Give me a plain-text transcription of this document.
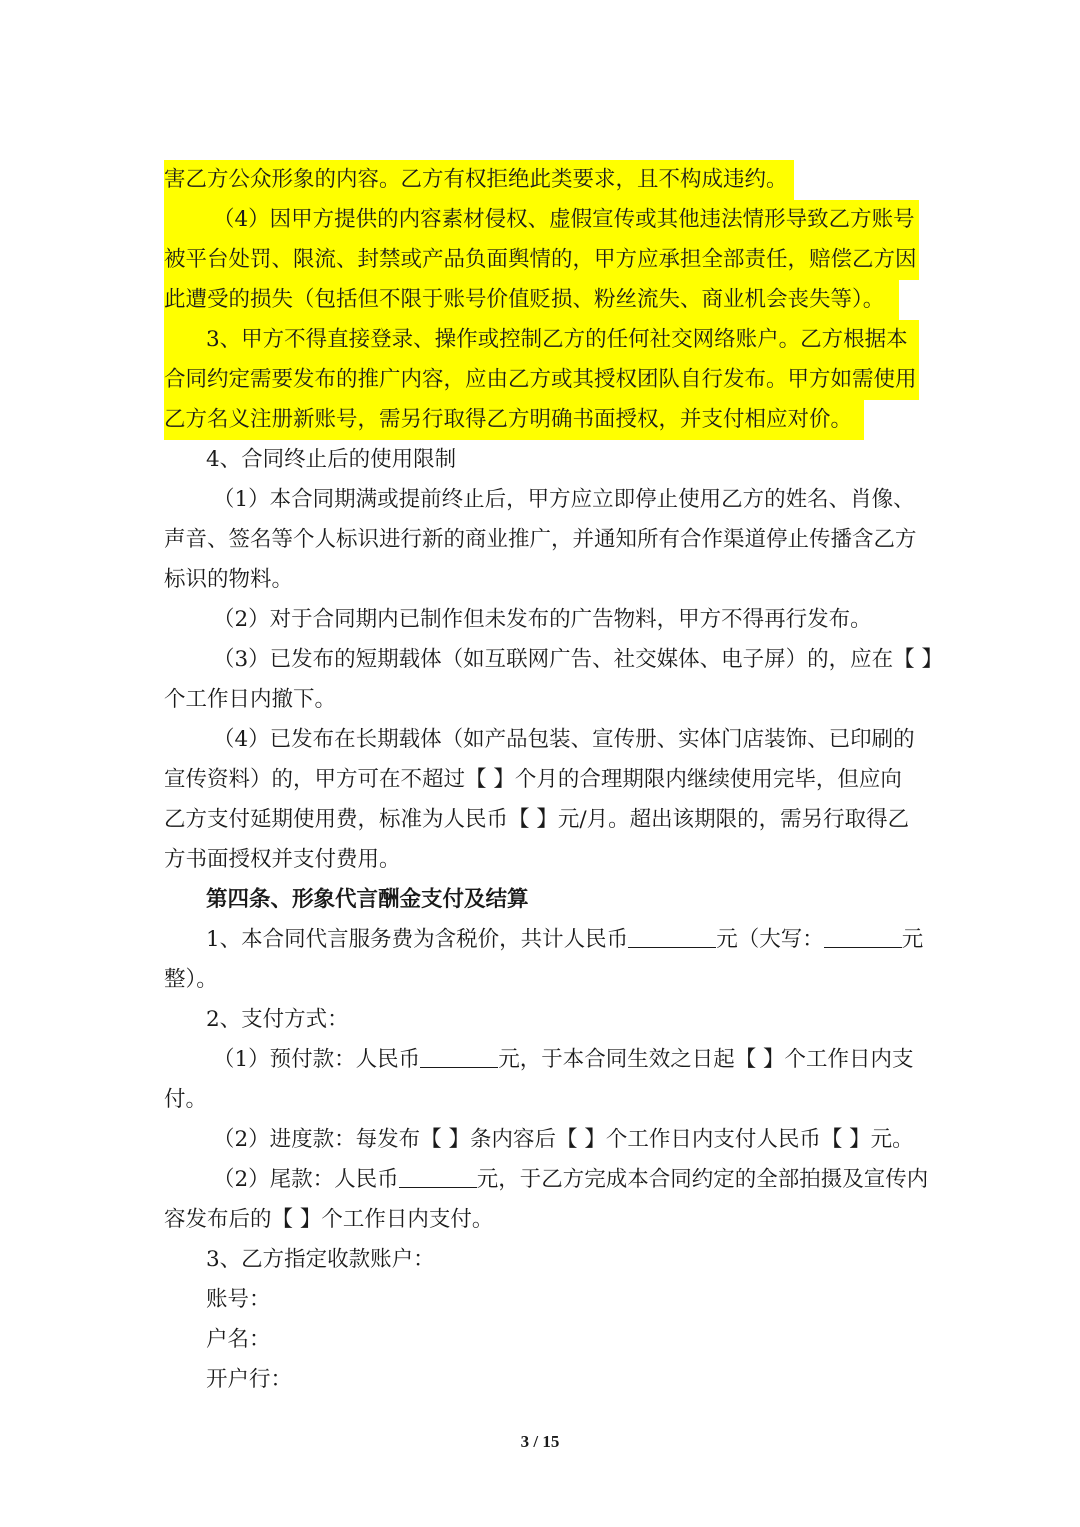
害乙方公众形象的内容。乙方有权拒绝此类要求，且不构成违约。
（4）因甲方提供的内容素材侵权、虚假宣传或其他违法情形导致乙方账号
被平台处罚、限流、封禁或产品负面舆情的，甲方应承担全部责任，赔偿乙方因
此遭受的损失（包括但不限于账号价值贬损、粉丝流失、商业机会丧失等）。
3、甲方不得直接登录、操作或控制乙方的任何社交网络账户。乙方根据本
合同约定需要发布的推广内容，应由乙方或其授权团队自行发布。甲方如需使用
乙方名义注册新账号，需另行取得乙方明确书面授权，并支付相应对价。
4、合同终止后的使用限制
（1）本合同期满或提前终止后，甲方应立即停止使用乙方的姓名、肖像、
声音、签名等个人标识进行新的商业推广，并通知所有合作渠道停止传播含乙方
标识的物料。
（2）对于合同期内已制作但未发布的广告物料，甲方不得再行发布。
（3）已发布的短期载体（如互联网广告、社交媒体、电子屏）的，应在【 】
个工作日内撤下。
（4）已发布在长期载体（如产品包装、宣传册、实体门店装饰、已印刷的
宣传资料）的，甲方可在不超过【 】个月的合理期限内继续使用完毕，但应向
乙方支付延期使用费，标准为人民币【 】元/月。超出该期限的，需另行取得乙
方书面授权并支付费用。
第四条、形象代言酬金支付及结算
1、本合同代言服务费为含税价，共计人民币	元（大写：	元
整）。
2、支付方式：
（1）预付款：人民币	元，于本合同生效之日起【 】个工作日内支
付。
（2）进度款：每发布【 】条内容后【 】个工作日内支付人民币【 】元。
（2）尾款：人民币	元，于乙方完成本合同约定的全部拍摄及宣传内
容发布后的【 】个工作日内支付。
3、乙方指定收款账户：
账号：
户名：
开户行：
3 / 15
